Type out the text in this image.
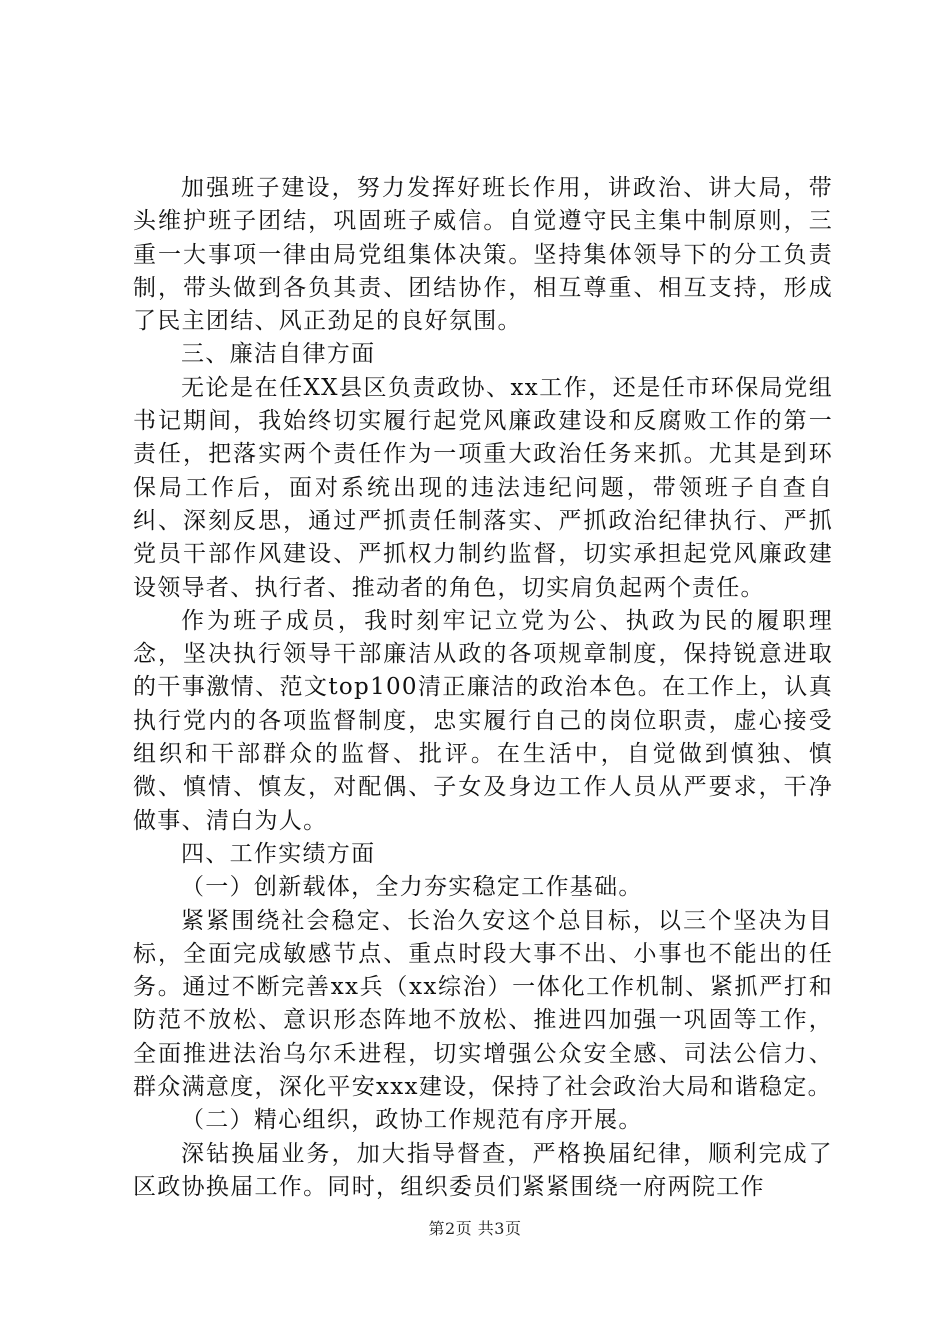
加强班子建设，努力发挥好班长作用，讲政治、讲大局，带头维护班子团结，巩固班子威信。自觉遵守民主集中制原则，三重一大事项一律由局党组集体决策。坚持集体领导下的分工负责制，带头做到各负其责、团结协作，相互尊重、相互支持，形成了民主团结、风正劲足的良好氛围。

三、廉洁自律方面

无论是在任XX县区负责政协、xx工作，还是任市环保局党组书记期间，我始终切实履行起党风廉政建设和反腐败工作的第一责任，把落实两个责任作为一项重大政治任务来抓。尤其是到环保局工作后，面对系统出现的违法违纪问题，带领班子自查自纠、深刻反思，通过严抓责任制落实、严抓政治纪律执行、严抓党员干部作风建设、严抓权力制约监督，切实承担起党风廉政建设领导者、执行者、推动者的角色，切实肩负起两个责任。

作为班子成员，我时刻牢记立党为公、执政为民的履职理念，坚决执行领导干部廉洁从政的各项规章制度，保持锐意进取的干事激情、范文top100清正廉洁的政治本色。在工作上，认真执行党内的各项监督制度，忠实履行自己的岗位职责，虚心接受组织和干部群众的监督、批评。在生活中，自觉做到慎独、慎微、慎情、慎友，对配偶、子女及身边工作人员从严要求，干净做事、清白为人。

四、工作实绩方面

（一）创新载体，全力夯实稳定工作基础。

紧紧围绕社会稳定、长治久安这个总目标，以三个坚决为目标，全面完成敏感节点、重点时段大事不出、小事也不能出的任务。通过不断完善xx兵（xx综治）一体化工作机制、紧抓严打和防范不放松、意识形态阵地不放松、推进四加强一巩固等工作，全面推进法治乌尔禾进程，切实增强公众安全感、司法公信力、群众满意度，深化平安xxx建设，保持了社会政治大局和谐稳定。

（二）精心组织，政协工作规范有序开展。

深钻换届业务，加大指导督查，严格换届纪律，顺利完成了区政协换届工作。同时，组织委员们紧紧围绕一府两院工作

第2页 共3页
